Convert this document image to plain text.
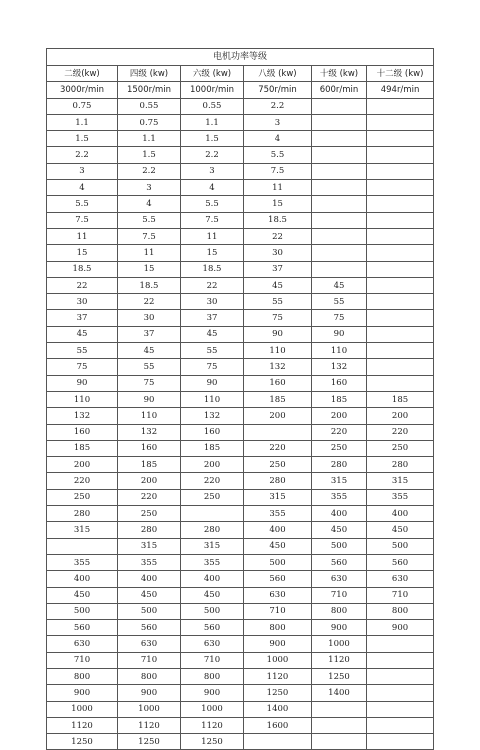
电机功率等级					
二级(kw)	四级 (kw)	六级 (kw)	八级 (kw)	十级 (kw)	十二级 (kw)
3000r/min	1500r/min	1000r/min	750r/min	600r/min	494r/min
0.75	0.55	0.55	2.2		
1.1	0.75	1.1	3		
1.5	1.1	1.5	4		
2.2	1.5	2.2	5.5		
3	2.2	3	7.5		
4	3	4	11		
5.5	4	5.5	15		
7.5	5.5	7.5	18.5		
11	7.5	11	22		
15	11	15	30		
18.5	15	18.5	37		
22	18.5	22	45	45	
30	22	30	55	55	
37	30	37	75	75	
45	37	45	90	90	
55	45	55	110	110	
75	55	75	132	132	
90	75	90	160	160	
110	90	110	185	185	185
132	110	132	200	200	200
160	132	160		220	220
185	160	185	220	250	250
200	185	200	250	280	280
220	200	220	280	315	315
250	220	250	315	355	355
280	250		355	400	400
315	280	280	400	450	450
	315	315	450	500	500
355	355	355	500	560	560
400	400	400	560	630	630
450	450	450	630	710	710
500	500	500	710	800	800
560	560	560	800	900	900
630	630	630	900	1000	
710	710	710	1000	1120	
800	800	800	1120	1250	
900	900	900	1250	1400	
1000	1000	1000	1400		
1120	1120	1120	1600		
1250	1250	1250			
